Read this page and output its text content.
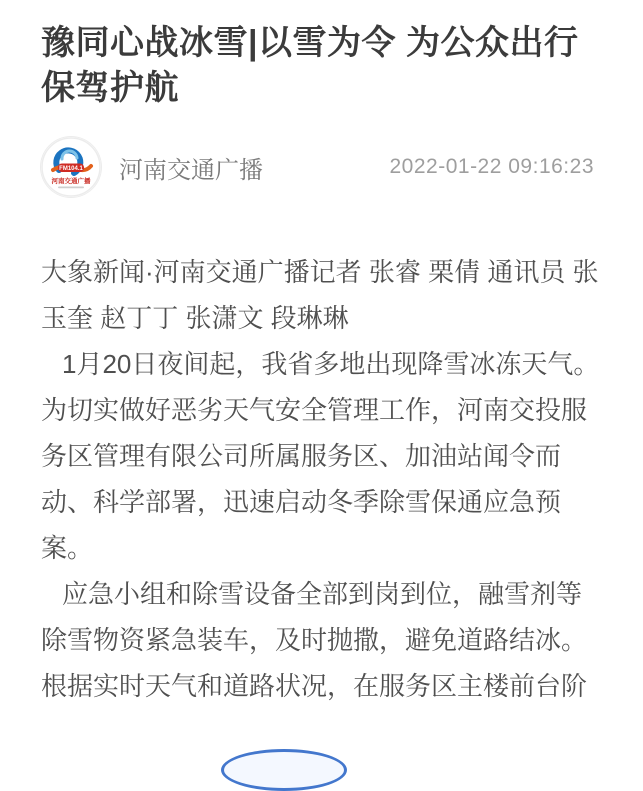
豫同心战冰雪|以雪为令 为公众出行保驾护航
FM104.1
河南交通广播 河南交通广播	2022-01-22 09:16:23

大象新闻·河南交通广播记者 张睿 栗倩 通讯员 张玉奎 赵丁丁 张潇文 段琳琳

1月20日夜间起，我省多地出现降雪冰冻天气。为切实做好恶劣天气安全管理工作，河南交投服务区管理有限公司所属服务区、加油站闻令而动、科学部署，迅速启动冬季除雪保通应急预案。

应急小组和除雪设备全部到岗到位，融雪剂等除雪物资紧急装车，及时抛撒，避免道路结冰。根据实时天气和道路状况，在服务区主楼前台阶
